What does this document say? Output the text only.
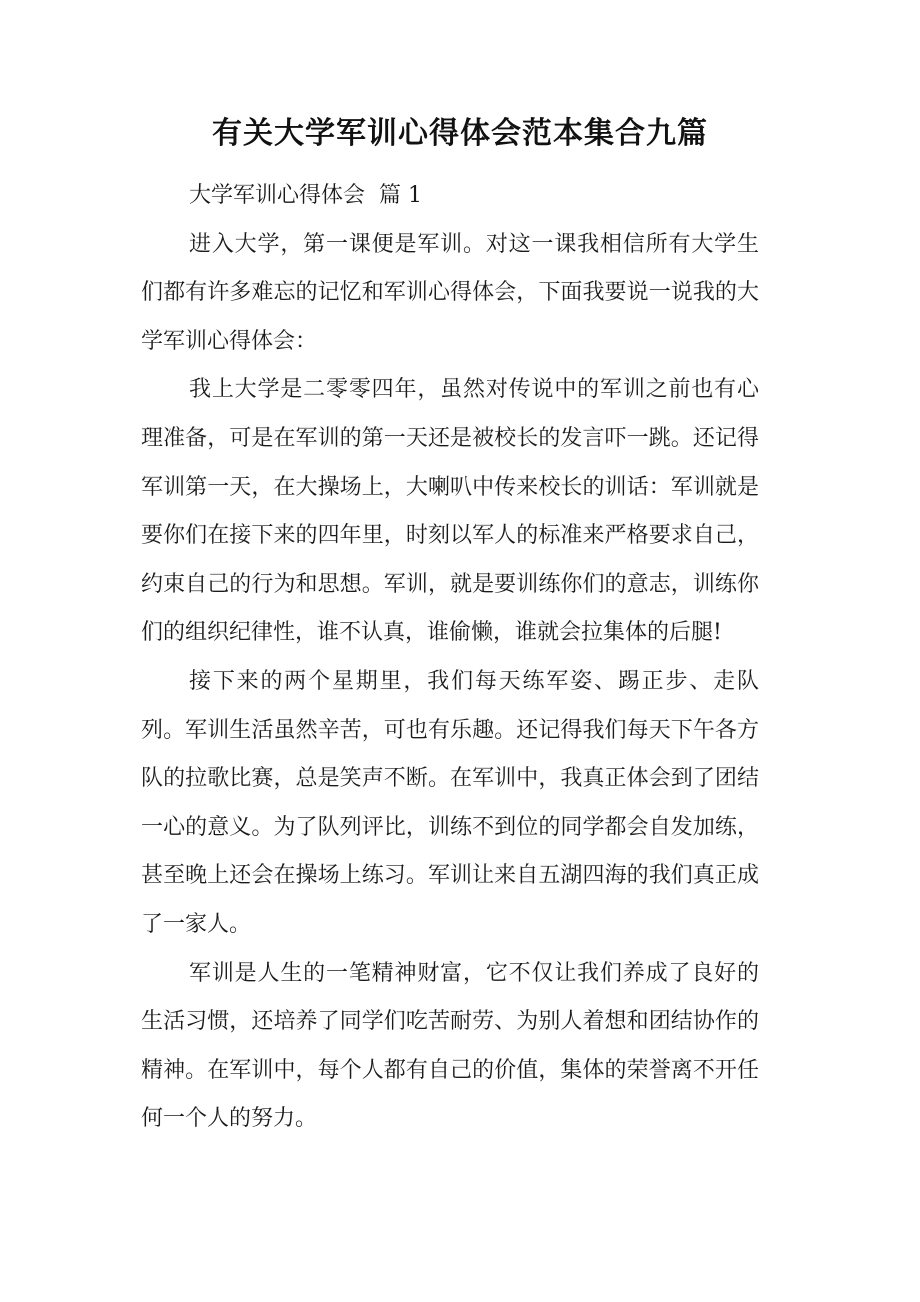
有关大学军训心得体会范本集合九篇

大学军训心得体会 篇 1

进入大学，第一课便是军训。对这一课我相信所有大学生们都有许多难忘的记忆和军训心得体会，下面我要说一说我的大学军训心得体会：

我上大学是二零零四年，虽然对传说中的军训之前也有心理准备，可是在军训的第一天还是被校长的发言吓一跳。还记得军训第一天，在大操场上，大喇叭中传来校长的训话：军训就是要你们在接下来的四年里，时刻以军人的标准来严格要求自己，约束自己的行为和思想。军训，就是要训练你们的意志，训练你们的组织纪律性，谁不认真，谁偷懒，谁就会拉集体的后腿!

接下来的两个星期里，我们每天练军姿、踢正步、走队列。军训生活虽然辛苦，可也有乐趣。还记得我们每天下午各方队的拉歌比赛，总是笑声不断。在军训中，我真正体会到了团结一心的意义。为了队列评比，训练不到位的同学都会自发加练，甚至晚上还会在操场上练习。军训让来自五湖四海的我们真正成了一家人。

军训是人生的一笔精神财富，它不仅让我们养成了良好的生活习惯，还培养了同学们吃苦耐劳、为别人着想和团结协作的精神。在军训中，每个人都有自己的价值，集体的荣誉离不开任何一个人的努力。
